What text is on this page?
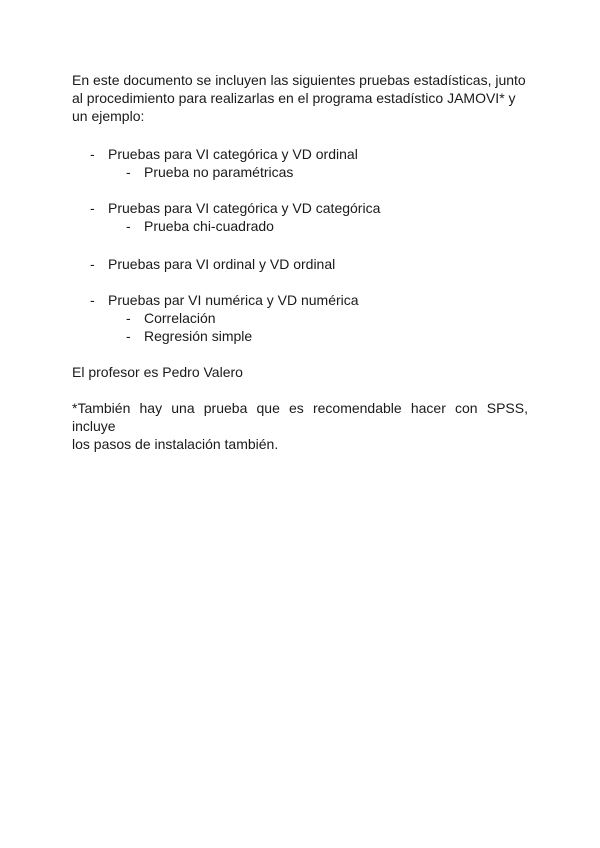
En este documento se incluyen las siguientes pruebas estadísticas, junto
al procedimiento para realizarlas en el programa estadístico JAMOVI* y
un ejemplo:

- Pruebas para VI categórica y VD ordinal
- Prueba no paramétricas
- Pruebas para VI categórica y VD categórica
- Prueba chi-cuadrado
- Pruebas para VI ordinal y VD ordinal
- Pruebas par VI numérica y VD numérica
- Correlación
- Regresión simple

El profesor es Pedro Valero

*También hay una prueba que es recomendable hacer con SPSS, incluye
los pasos de instalación también.
